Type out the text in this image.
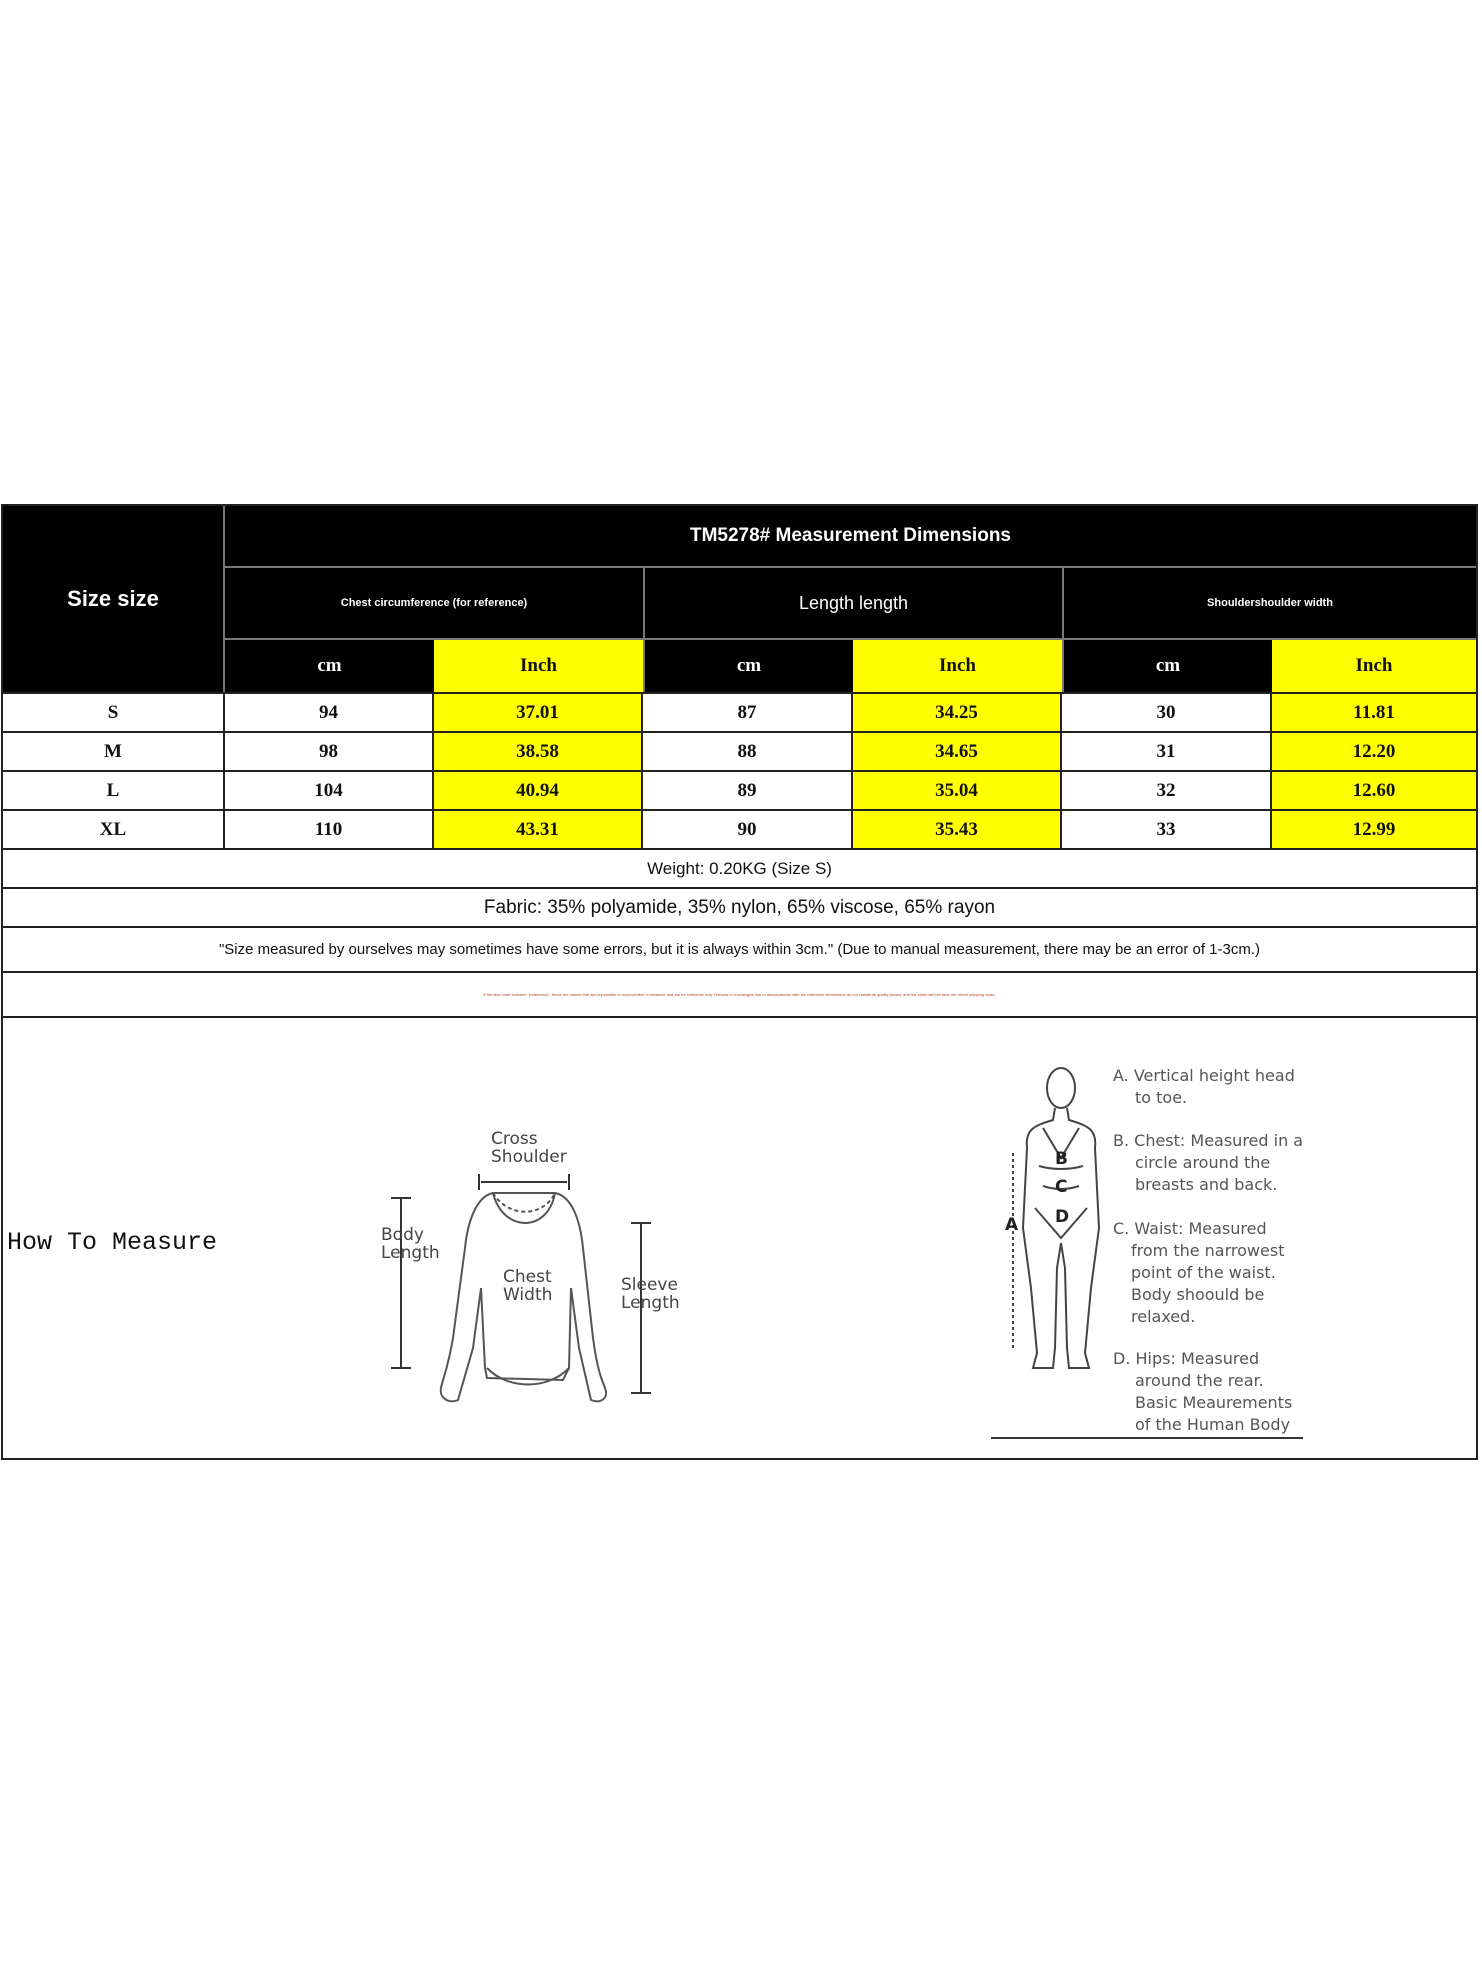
Size size
TM5278# Measurement Dimensions
Chest circumference (for reference)	Length length	Shouldershoulder width
cm	Inch	cm	Inch	cm	Inch
S	94	37.01	87	34.25	30	11.81
M	98	38.58	88	34.65	31	12.20
L	104	40.94	89	35.04	32	12.60
XL	110	43.31	90	35.43	33	12.99
Weight: 0.20KG (Size S)
Fabric: 35% polyamide, 35% nylon, 65% viscose, 65% rayon
"Size measured by ourselves may sometimes have some errors, but it is always within 3cm." (Due to manual measurement, there may be an error of 1-3cm.)
If the size chart includes "(reference)", these are values that are impossible or inconvenient to measure and are for reference only. Returns or exchanges due to discrepancies with the reference dimensions do not constitute quality issues, and the seller will not bear the return shipping costs.
How To Measure
Cross
Shoulder
Body
Length
Chest
Width	Sleeve
Length
B
C
D
A
A. Vertical height head
to toe.
B. Chest: Measured in a
circle around the
breasts and back.
C. Waist: Measured
from the narrowest
point of the waist.
Body shoould be
relaxed.
D. Hips: Measured
around the rear.
Basic Meaurements
of the Human Body
